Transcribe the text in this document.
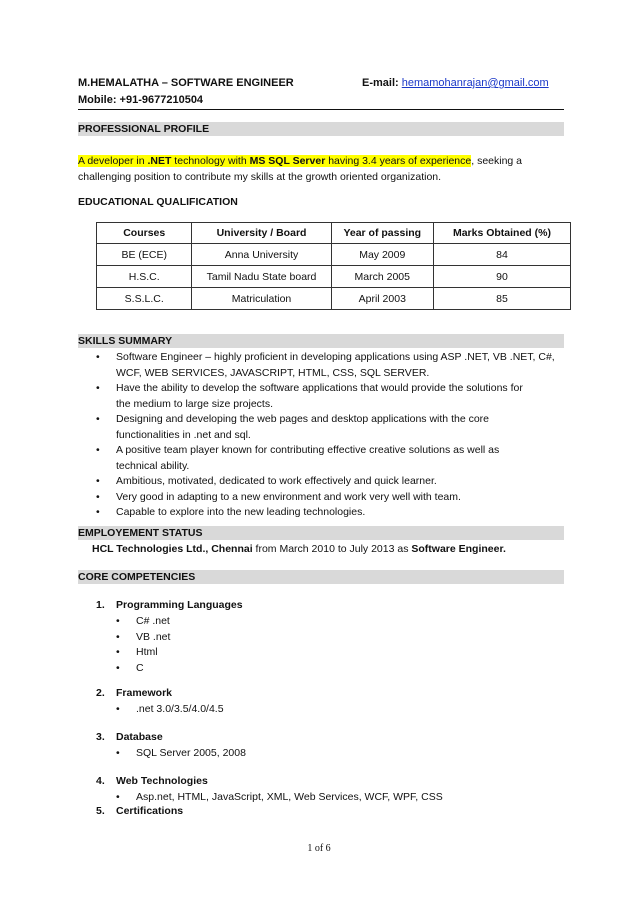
M.HEMALATHA – SOFTWARE ENGINEER	E-mail: hemamohanrajan@gmail.com
Mobile: +91-9677210504
PROFESSIONAL PROFILE
A developer in .NET technology with MS SQL Server having 3.4 years of experience, seeking a
challenging position to contribute my skills at the growth oriented organization.
EDUCATIONAL QUALIFICATION
Courses	University / Board	Year of passing	Marks Obtained (%)
BE (ECE)	Anna University	May 2009	84
H.S.C.	Tamil Nadu State board	March 2005	90
S.S.L.C.	Matriculation	April 2003	85
SKILLS SUMMARY
• Software Engineer – highly proficient in developing applications using ASP .NET, VB .NET, C#,
WCF, WEB SERVICES, JAVASCRIPT, HTML, CSS, SQL SERVER.
• Have the ability to develop the software applications that would provide the solutions for
the medium to large size projects.
• Designing and developing the web pages and desktop applications with the core
functionalities in .net and sql.
• A positive team player known for contributing effective creative solutions as well as
technical ability.
• Ambitious, motivated, dedicated to work effectively and quick learner.
• Very good in adapting to a new environment and work very well with team.
• Capable to explore into the new leading technologies.
EMPLOYEMENT STATUS
HCL Technologies Ltd., Chennai from March 2010 to July 2013 as Software Engineer.
CORE COMPETENCIES
1. Programming Languages
• C# .net
• VB .net
• Html
• C
2. Framework
• .net 3.0/3.5/4.0/4.5
3. Database
• SQL Server 2005, 2008
4. Web Technologies
• Asp.net, HTML, JavaScript, XML, Web Services, WCF, WPF, CSS
5. Certifications
1 of 6
